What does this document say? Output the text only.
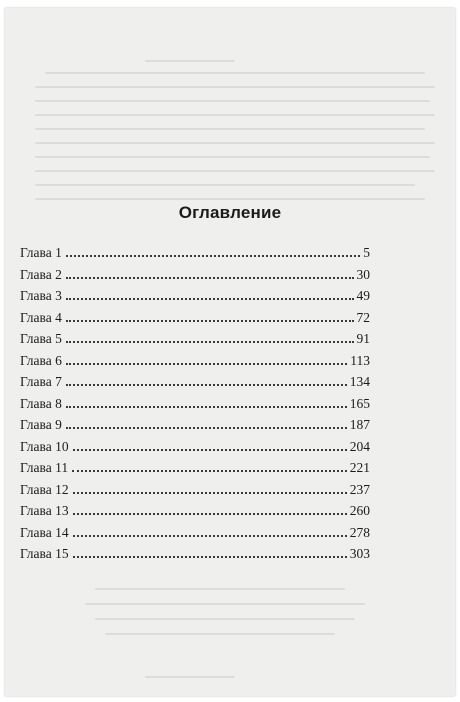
Оглавление
Глава 1	5
Глава 2	30
Глава 3	49
Глава 4	72
Глава 5	91
Глава 6	113
Глава 7	134
Глава 8	165
Глава 9	187
Глава 10	204
Глава 11	221
Глава 12	237
Глава 13	260
Глава 14	278
Глава 15	303
